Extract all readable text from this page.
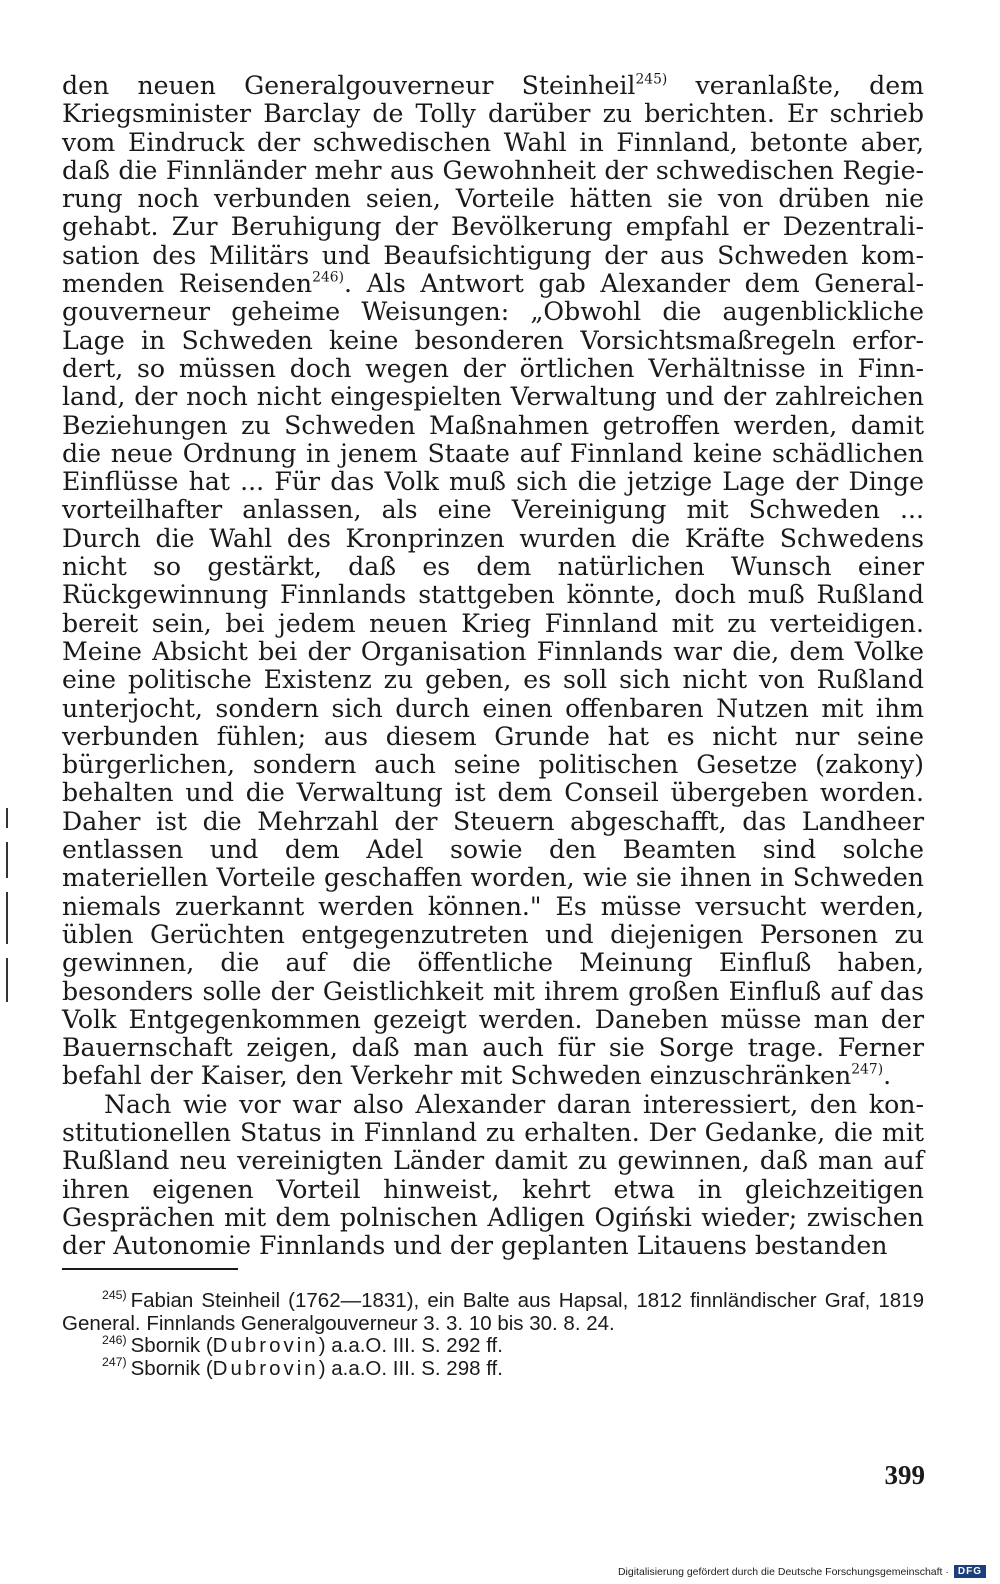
den neuen Generalgouverneur Steinheil$^{245)}$ veranlaßte, dem Kriegsminister Barclay de Tolly darüber zu berichten. Er schrieb vom Eindruck der schwedischen Wahl in Finnland, betonte aber, daß die Finnländer mehr aus Gewohnheit der schwedischen Regierung noch verbunden seien, Vorteile hätten sie von drüben nie gehabt. Zur Beruhigung der Bevölkerung empfahl er Dezentralisation des Militärs und Beaufsichtigung der aus Schweden kommenden Reisenden$^{246)}$. Als Antwort gab Alexander dem Generalgouverneur geheime Weisungen: „Obwohl die augenblickliche Lage in Schweden keine besonderen Vorsichtsmaßregeln erfordert, so müssen doch wegen der örtlichen Verhältnisse in Finnland, der noch nicht eingespielten Verwaltung und der zahlreichen Beziehungen zu Schweden Maßnahmen getroffen werden, damit die neue Ordnung in jenem Staate auf Finnland keine schädlichen Einflüsse hat ... Für das Volk muß sich die jetzige Lage der Dinge vorteilhafter anlassen, als eine Vereinigung mit Schweden ... Durch die Wahl des Kronprinzen wurden die Kräfte Schwedens nicht so gestärkt, daß es dem natürlichen Wunsch einer Rückgewinnung Finnlands stattgeben könnte, doch muß Rußland bereit sein, bei jedem neuen Krieg Finnland mit zu verteidigen. Meine Absicht bei der Organisation Finnlands war die, dem Volke eine politische Existenz zu geben, es soll sich nicht von Rußland unterjocht, sondern sich durch einen offenbaren Nutzen mit ihm verbunden fühlen; aus diesem Grunde hat es nicht nur seine bürgerlichen, sondern auch seine politischen Gesetze (zakony) behalten und die Verwaltung ist dem Conseil übergeben worden. Daher ist die Mehrzahl der Steuern abgeschafft, das Landheer entlassen und dem Adel sowie den Beamten sind solche materiellen Vorteile geschaffen worden, wie sie ihnen in Schweden niemals zuerkannt werden können." Es müsse versucht werden, üblen Gerüchten entgegenzutreten und diejenigen Personen zu gewinnen, die auf die öffentliche Meinung Einfluß haben, besonders solle der Geistlichkeit mit ihrem großen Einfluß auf das Volk Entgegenkommen gezeigt werden. Daneben müsse man der Bauernschaft zeigen, daß man auch für sie Sorge trage. Ferner befahl der Kaiser, den Verkehr mit Schweden einzuschränken$^{247)}$.

Nach wie vor war also Alexander daran interessiert, den konstitutionellen Status in Finnland zu erhalten. Der Gedanke, die mit Rußland neu vereinigten Länder damit zu gewinnen, daß man auf ihren eigenen Vorteil hinweist, kehrt etwa in gleichzeitigen Gesprächen mit dem polnischen Adligen Ogiński wieder; zwischen der Autonomie Finnlands und der geplanten Litauens bestanden

$^{245)}$ Fabian Steinheil (1762—1831), ein Balte aus Hapsal, 1812 finnländischer Graf, 1819 General. Finnlands Generalgouverneur 3. 3. 10 bis 30. 8. 24.
$^{246)}$ Sbornik (Dubrovin) a.a.O. III. S. 292 ff.
$^{247)}$ Sbornik (Dubrovin) a.a.O. III. S. 298 ff.
399
Digitalisierung gefördert durch die Deutsche Forschungsgemeinschaft · DFG
